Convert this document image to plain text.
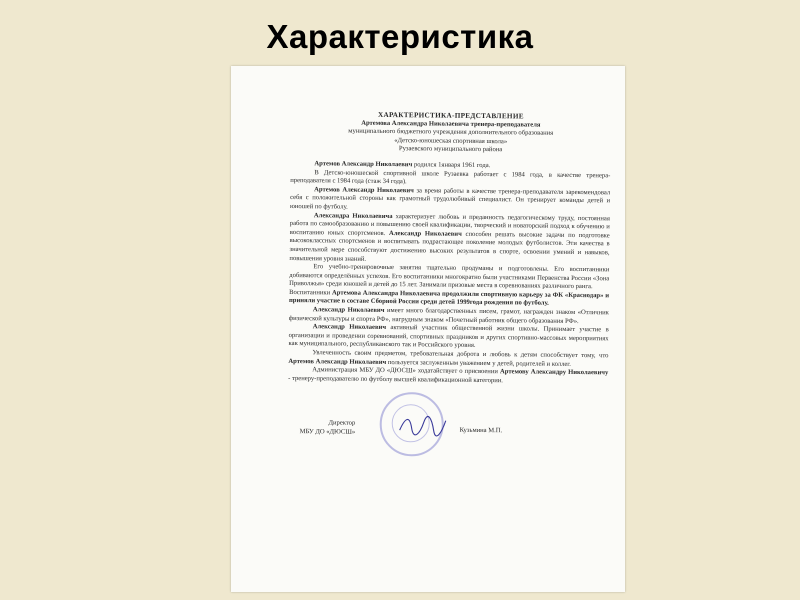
Характеристика

ХАРАКТЕРИСТИКА-ПРЕДСТАВЛЕНИЕ

Артемова Александра Николаевича тренера-преподавателя

муниципального бюджетного учреждения дополнительного образования

«Детско-юношеская спортивная школа»

Рузаевского муниципального района

Артемов Александр Николаевич родился 1января 1961 года.

В Детско-юношеской спортивной школе Рузаевка работает с 1984 года, в качестве тренера-преподавателя с 1984 года (стаж 34 года).

Артемов Александр Николаевич за время работы в качестве тренера-преподавателя зарекомендовал себя с положительной стороны как грамотный трудолюбивый специалист. Он тренирует команды детей и юношей по футболу.

Александра Николаевича характеризует любовь и преданность педагогическому труду, постоянная работа по самообразованию и повышению своей квалификации, творческий и новаторский подход к обучению и воспитанию юных спортсменов. Александр Николаевич способен решать высокие задачи по подготовке высококлассных спортсменов и воспитывать подрастающее поколение молодых футболистов. Эти качества в значительной мере способствуют достижению высоких результатов в спорте, освоении умений и навыков, повышения уровня знаний.

Его учебно-тренировочные занятия тщательно продуманы и подготовлены. Его воспитанники добиваются определённых успехов. Его воспитанники многократно были участниками Первенства России «Зона Приволжья» среди юношей и детей до 15 лет. Занимали призовые места в соревнованиях различного ранга.

Воспитанники Артемова Александра Николаевича продолжили спортивную карьеру за ФК «Краснодар» и приняли участие в составе Сборной России среди детей 1999года рождения по футболу.

Александр Николаевич имеет много благодарственных писем, грамот, награжден знаком «Отличник физической культуры и спорта РФ», нагрудным знаком «Почетный работник общего образования РФ».

Александр Николаевич активный участник общественной жизни школы. Принимает участие в организации и проведении соревнований, спортивных праздников и других спортивно-массовых мероприятиях как муниципального, республиканского так и Российского уровня.

Увлеченность своим предметом, требовательная доброта и любовь к детям способствует тому, что Артемов Александр Николаевич пользуется заслуженным уважением у детей, родителей и коллег.

Администрация МБУ ДО «ДЮСШ» ходатайствует о присвоении Артемову Александру Николаевичу - тренеру-преподавателю по футболу высшей квалификационной категории.

Директор
МБУ ДО «ДЮСШ»	Кузьмина М.П.
